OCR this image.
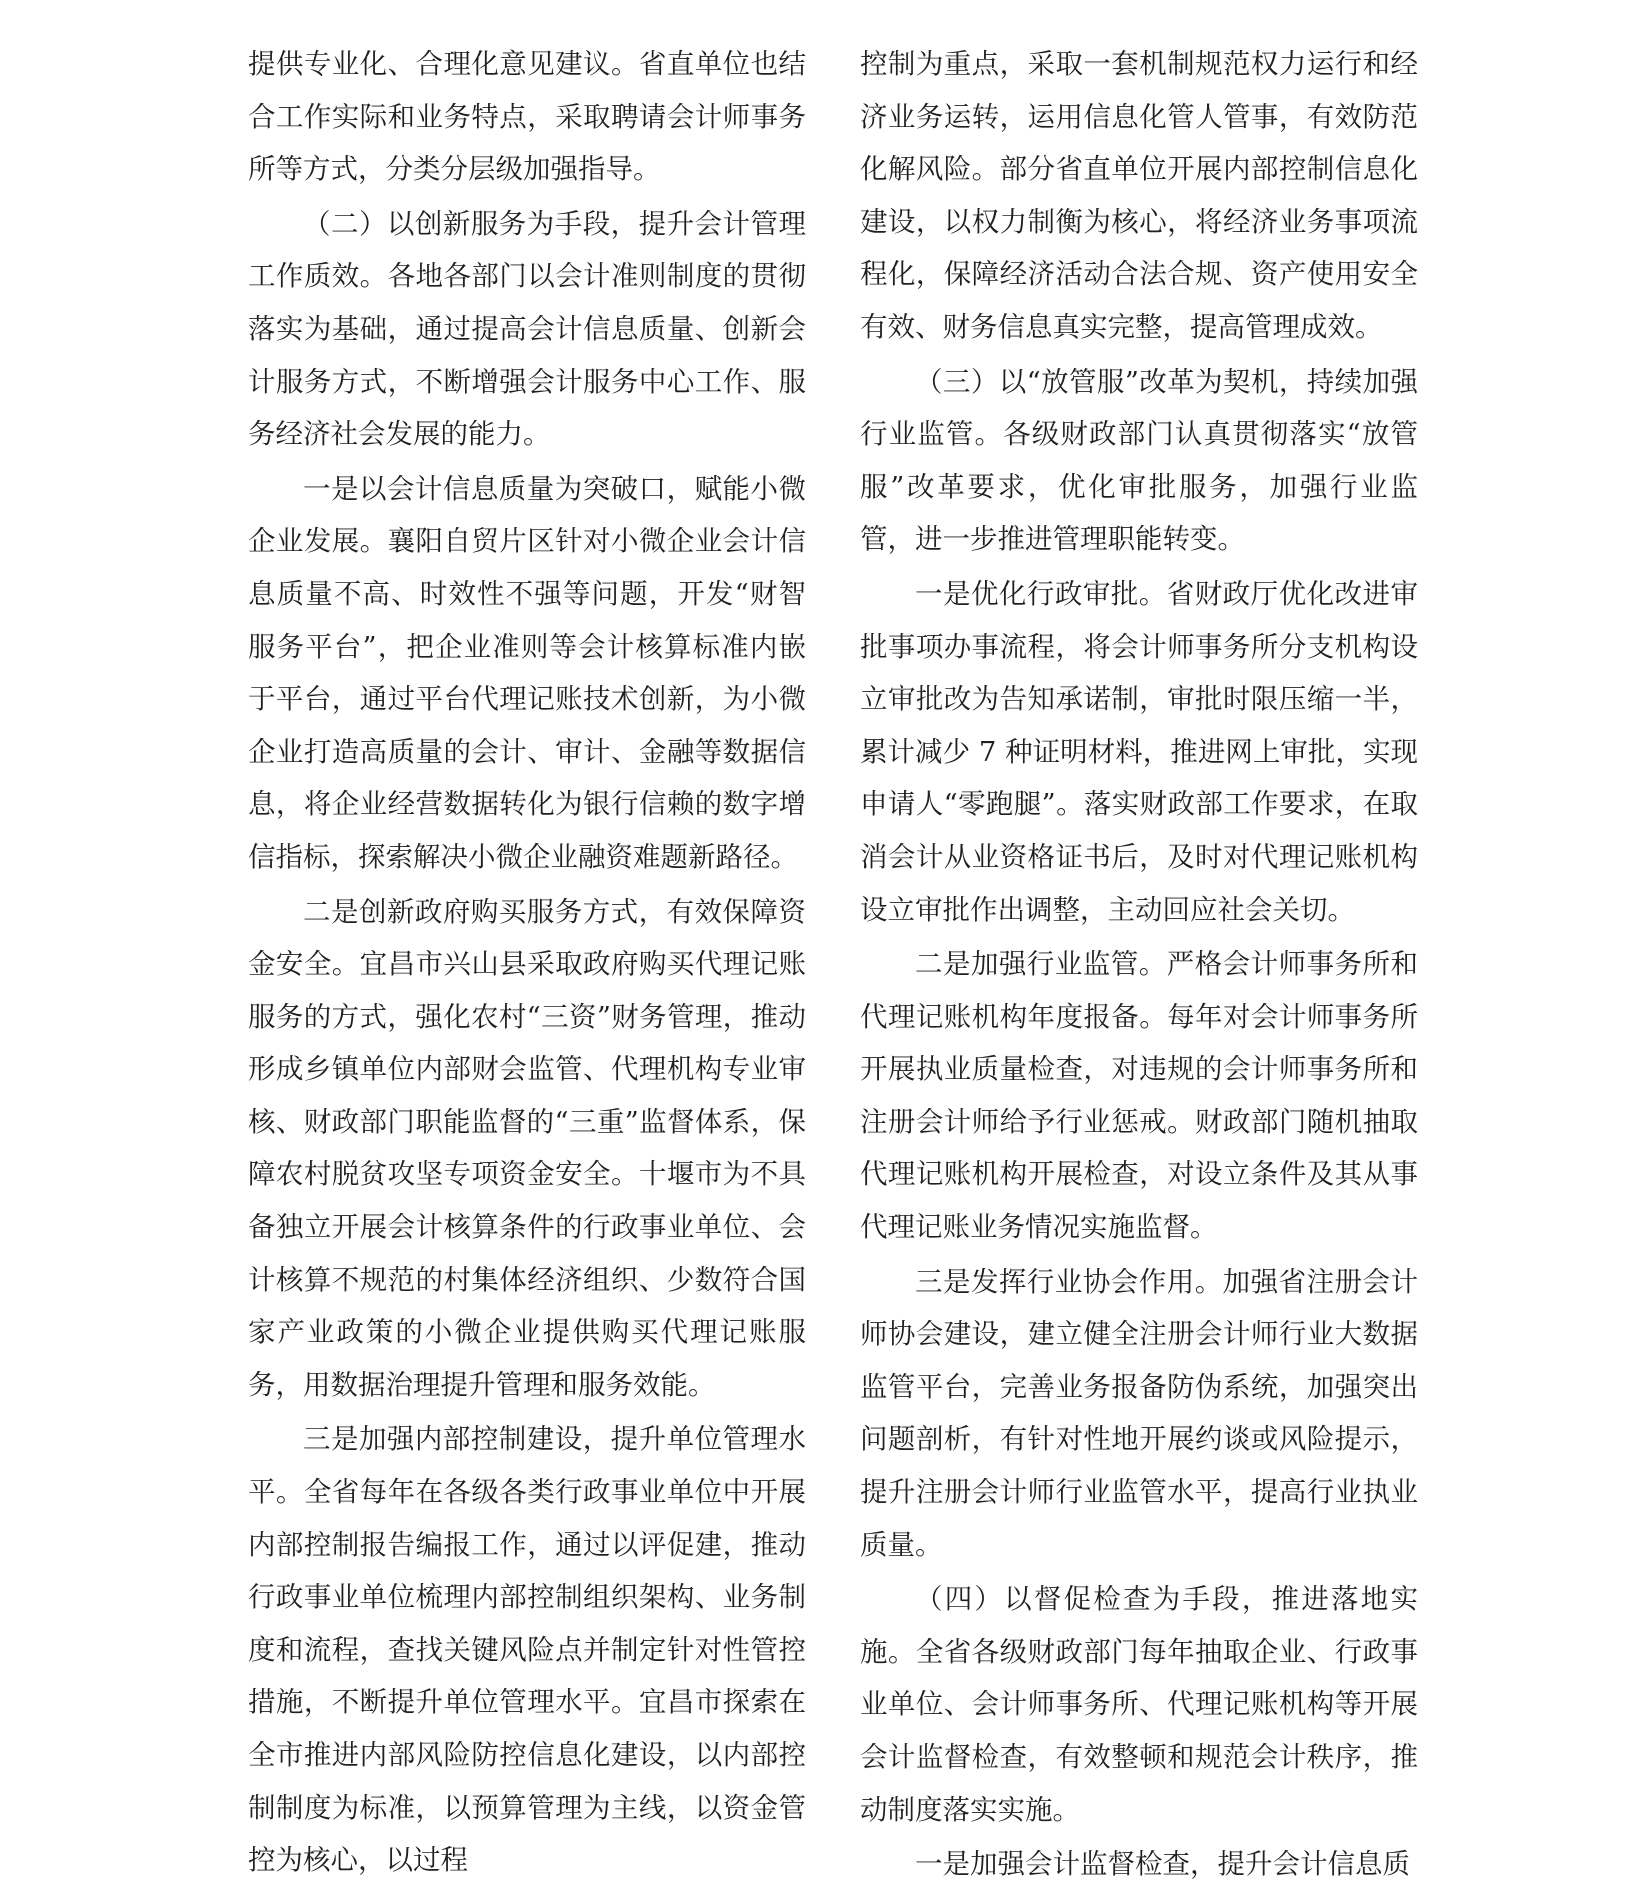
提供专业化、合理化意见建议。省直单位也结合工作实际和业务特点，采取聘请会计师事务所等方式，分类分层级加强指导。

（二）以创新服务为手段，提升会计管理工作质效。各地各部门以会计准则制度的贯彻落实为基础，通过提高会计信息质量、创新会计服务方式，不断增强会计服务中心工作、服务经济社会发展的能力。

一是以会计信息质量为突破口，赋能小微企业发展。襄阳自贸片区针对小微企业会计信息质量不高、时效性不强等问题，开发“财智服务平台”，把企业准则等会计核算标准内嵌于平台，通过平台代理记账技术创新，为小微企业打造高质量的会计、审计、金融等数据信息，将企业经营数据转化为银行信赖的数字增信指标，探索解决小微企业融资难题新路径。

二是创新政府购买服务方式，有效保障资金安全。宜昌市兴山县采取政府购买代理记账服务的方式，强化农村“三资”财务管理，推动形成乡镇单位内部财会监管、代理机构专业审核、财政部门职能监督的“三重”监督体系，保障农村脱贫攻坚专项资金安全。十堰市为不具备独立开展会计核算条件的行政事业单位、会计核算不规范的村集体经济组织、少数符合国家产业政策的小微企业提供购买代理记账服务，用数据治理提升管理和服务效能。

三是加强内部控制建设，提升单位管理水平。全省每年在各级各类行政事业单位中开展内部控制报告编报工作，通过以评促建，推动行政事业单位梳理内部控制组织架构、业务制度和流程，查找关键风险点并制定针对性管控措施，不断提升单位管理水平。宜昌市探索在全市推进内部风险防控信息化建设，以内部控制制度为标准，以预算管理为主线，以资金管控为核心，以过程

控制为重点，采取一套机制规范权力运行和经济业务运转，运用信息化管人管事，有效防范化解风险。部分省直单位开展内部控制信息化建设，以权力制衡为核心，将经济业务事项流程化，保障经济活动合法合规、资产使用安全有效、财务信息真实完整，提高管理成效。

（三）以“放管服”改革为契机，持续加强行业监管。各级财政部门认真贯彻落实“放管服”改革要求，优化审批服务，加强行业监管，进一步推进管理职能转变。

一是优化行政审批。省财政厅优化改进审批事项办事流程，将会计师事务所分支机构设立审批改为告知承诺制，审批时限压缩一半，累计减少 7 种证明材料，推进网上审批，实现申请人“零跑腿”。落实财政部工作要求，在取消会计从业资格证书后，及时对代理记账机构设立审批作出调整，主动回应社会关切。

二是加强行业监管。严格会计师事务所和代理记账机构年度报备。每年对会计师事务所开展执业质量检查，对违规的会计师事务所和注册会计师给予行业惩戒。财政部门随机抽取代理记账机构开展检查，对设立条件及其从事代理记账业务情况实施监督。

三是发挥行业协会作用。加强省注册会计师协会建设，建立健全注册会计师行业大数据监管平台，完善业务报备防伪系统，加强突出问题剖析，有针对性地开展约谈或风险提示，提升注册会计师行业监管水平，提高行业执业质量。

（四）以督促检查为手段，推进落地实施。全省各级财政部门每年抽取企业、行政事业单位、会计师事务所、代理记账机构等开展会计监督检查，有效整顿和规范会计秩序，推动制度落实实施。

一是加强会计监督检查，提升会计信息质
